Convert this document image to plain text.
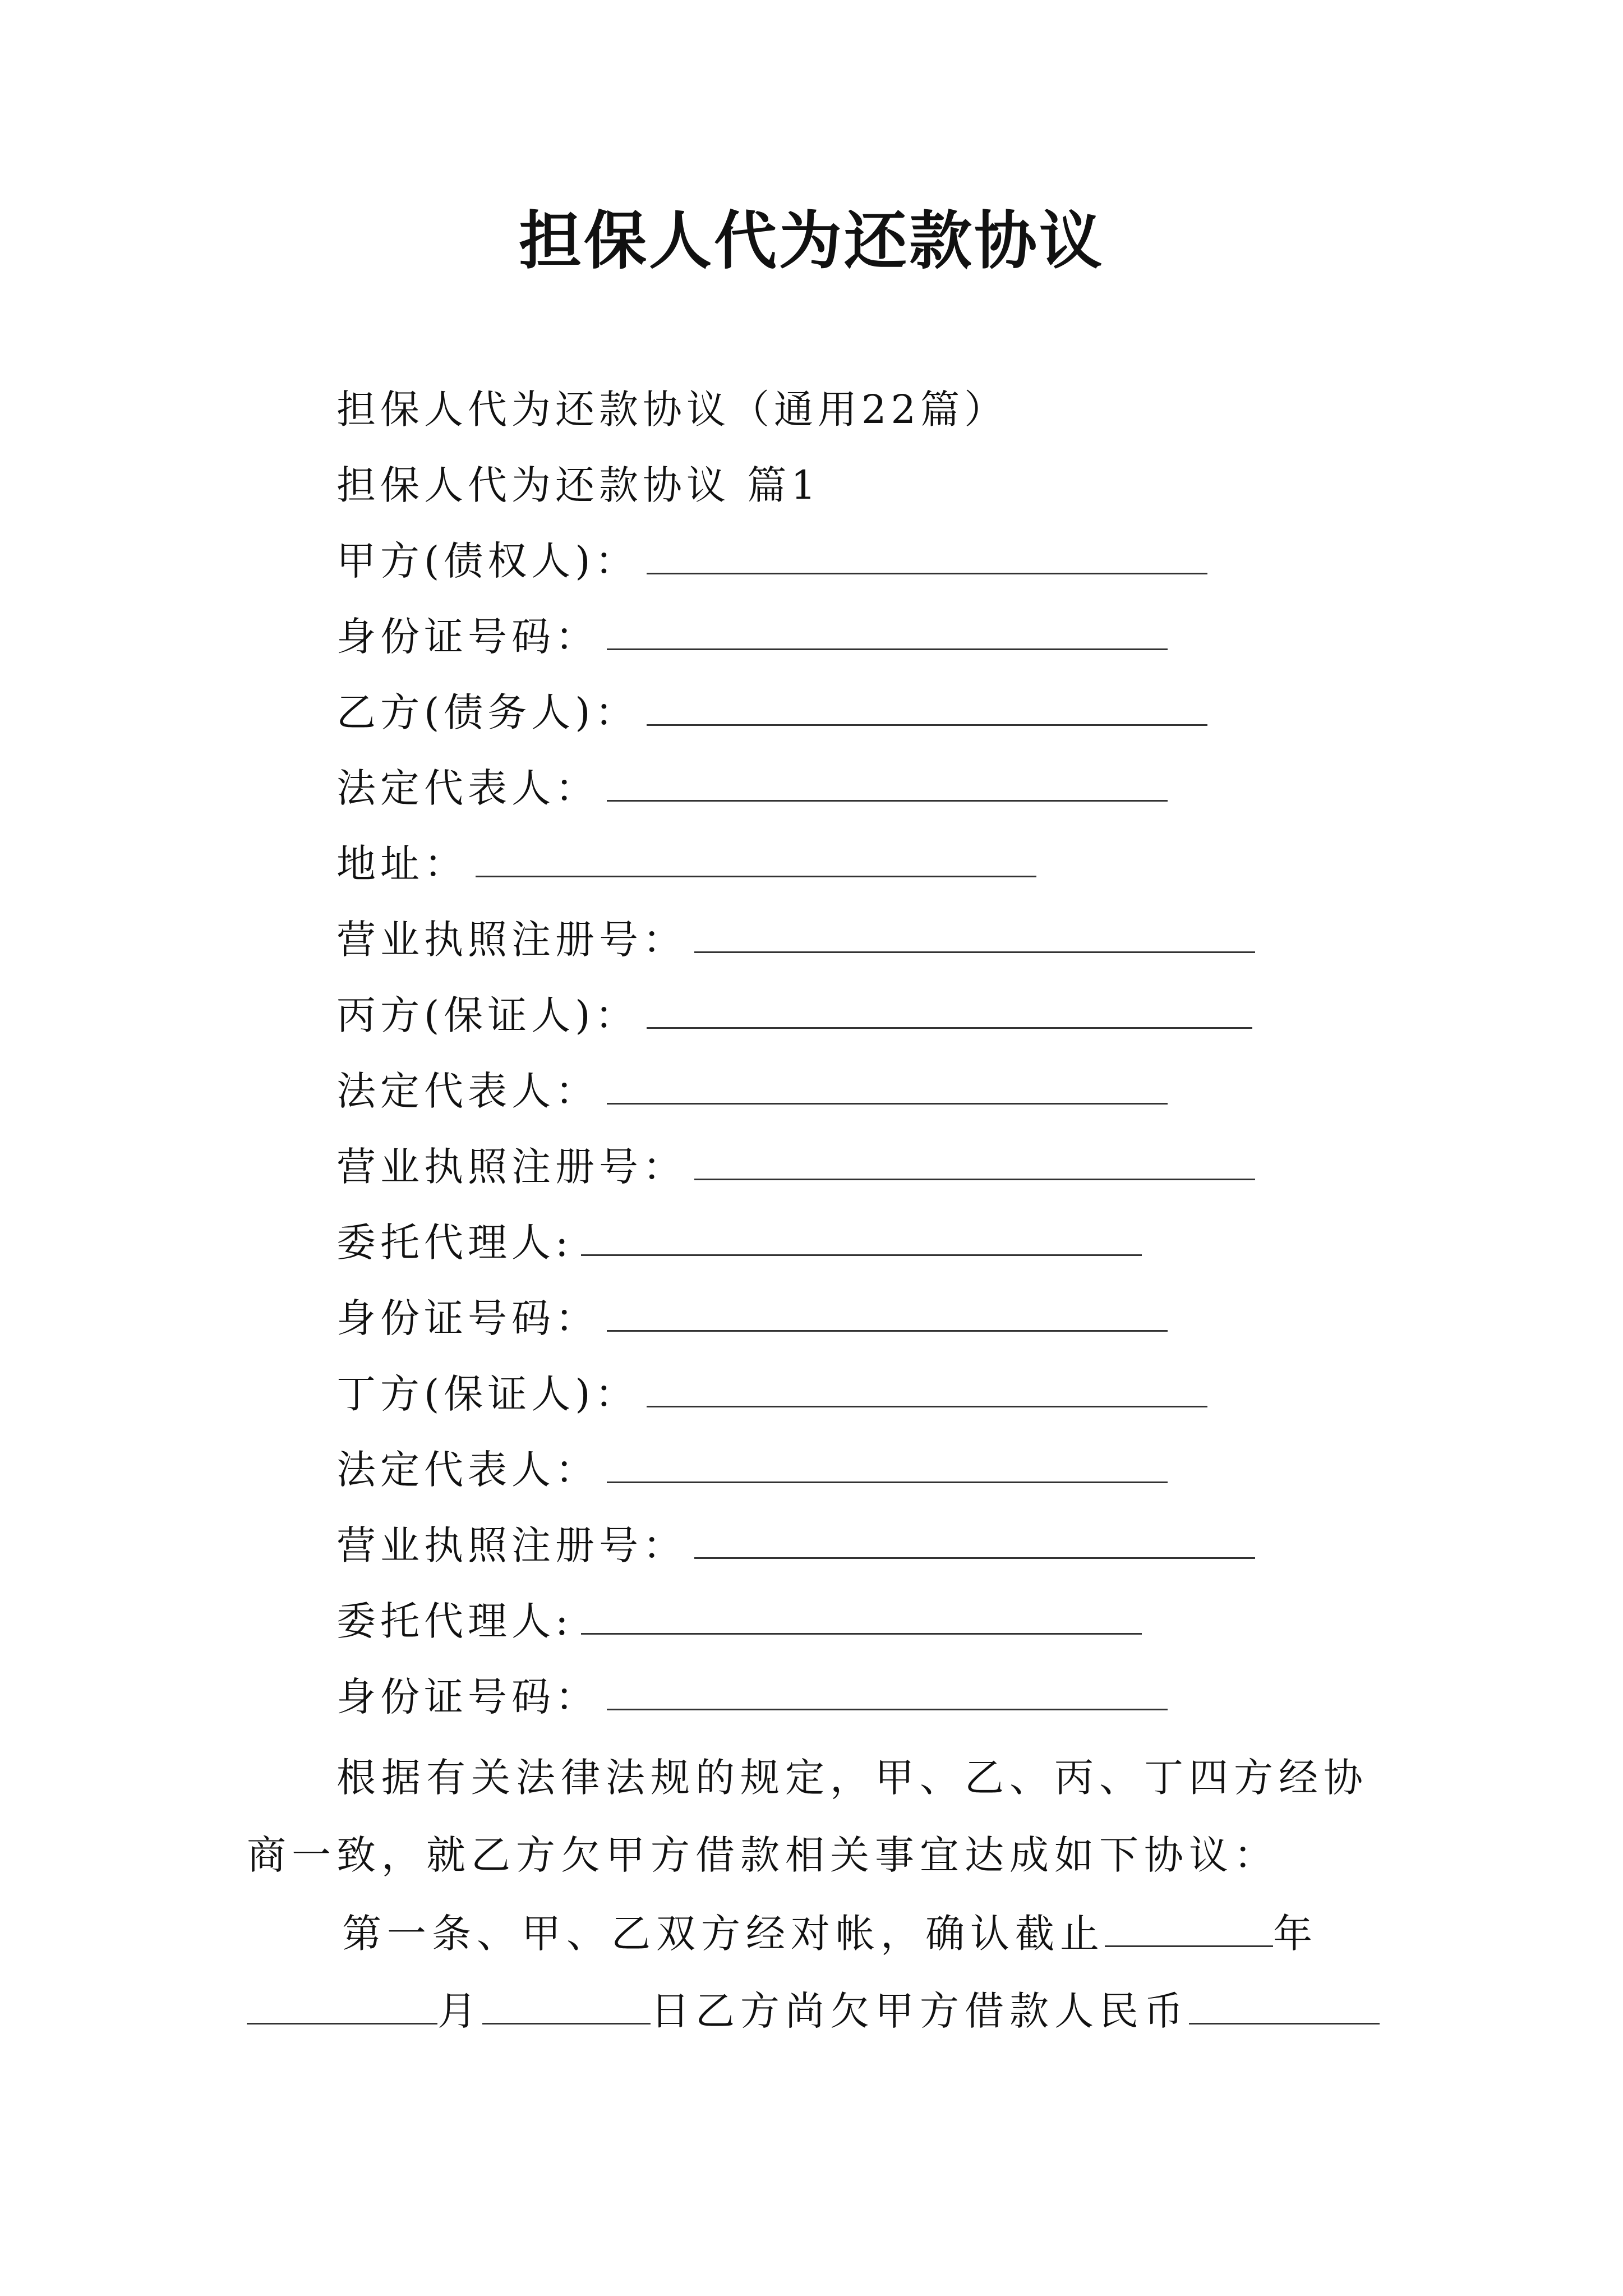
担保人代为还款协议
担保人代为还款协议（通用22篇）
担保人代为还款协议 篇1
甲方(债权人)：
身份证号码：
乙方(债务人)：
法定代表人：
地址：
营业执照注册号：
丙方(保证人)：
法定代表人：
营业执照注册号：
委托代理人:
身份证号码：
丁方(保证人)：
法定代表人：
营业执照注册号：
委托代理人:
身份证号码：

根据有关法律法规的规定，甲、乙、丙、丁四方经协商一致，就乙方欠甲方借款相关事宜达成如下协议：

第一条、甲、乙双方经对帐，确认截止	年月	日乙方尚欠甲方借款人民币
